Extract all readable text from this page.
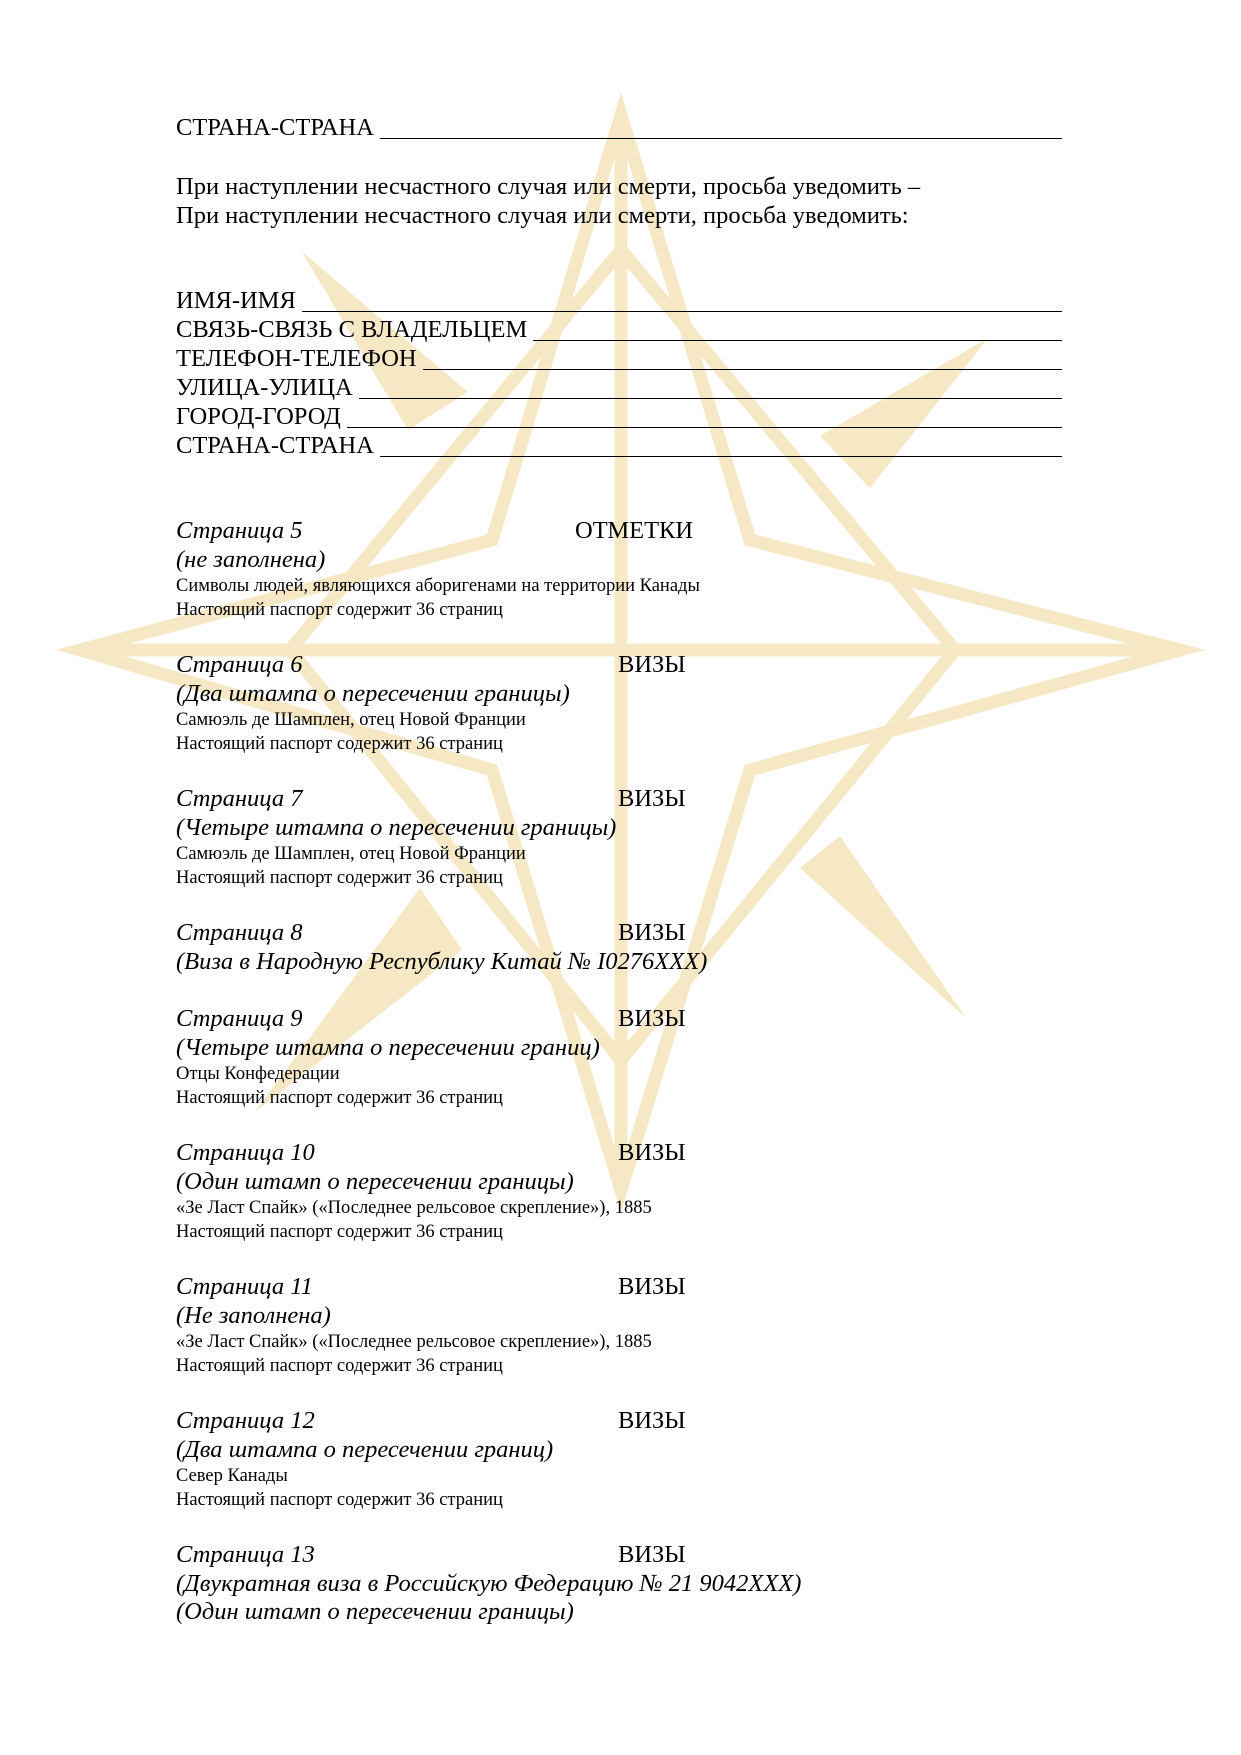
СТРАНА-СТРАНА
При наступлении несчастного случая или смерти, просьба уведомить –
При наступлении несчастного случая или смерти, просьба уведомить:
ИМЯ-ИМЯ
СВЯЗЬ-СВЯЗЬ С ВЛАДЕЛЬЦЕМ
ТЕЛЕФОН-ТЕЛЕФОН
УЛИЦА-УЛИЦА
ГОРОД-ГОРОД
СТРАНА-СТРАНА
Страница 5	ОТМЕТКИ
(не заполнена)
Символы людей, являющихся аборигенами на территории Канады
Настоящий паспорт содержит 36 страниц
Страница 6	ВИЗЫ
(Два штампа о пересечении границы)
Самюэль де Шамплен, отец Новой Франции
Настоящий паспорт содержит 36 страниц
Страница 7	ВИЗЫ
(Четыре штампа о пересечении границы)
Самюэль де Шамплен, отец Новой Франции
Настоящий паспорт содержит 36 страниц
Страница 8	ВИЗЫ
(Виза в Народную Республику Китай № I0276XXX)
Страница 9	ВИЗЫ
(Четыре штампа о пересечении границ)
Отцы Конфедерации
Настоящий паспорт содержит 36 страниц
Страница 10	ВИЗЫ
(Один штамп о пересечении границы)
«Зе Ласт Спайк» («Последнее рельсовое скрепление»), 1885
Настоящий паспорт содержит 36 страниц
Страница 11	ВИЗЫ
(Не заполнена)
«Зе Ласт Спайк» («Последнее рельсовое скрепление»), 1885
Настоящий паспорт содержит 36 страниц
Страница 12	ВИЗЫ
(Два штампа о пересечении границ)
Север Канады
Настоящий паспорт содержит 36 страниц
Страница 13	ВИЗЫ
(Двукратная виза в Российскую Федерацию № 21 9042XXX)
(Один штамп о пересечении границы)
